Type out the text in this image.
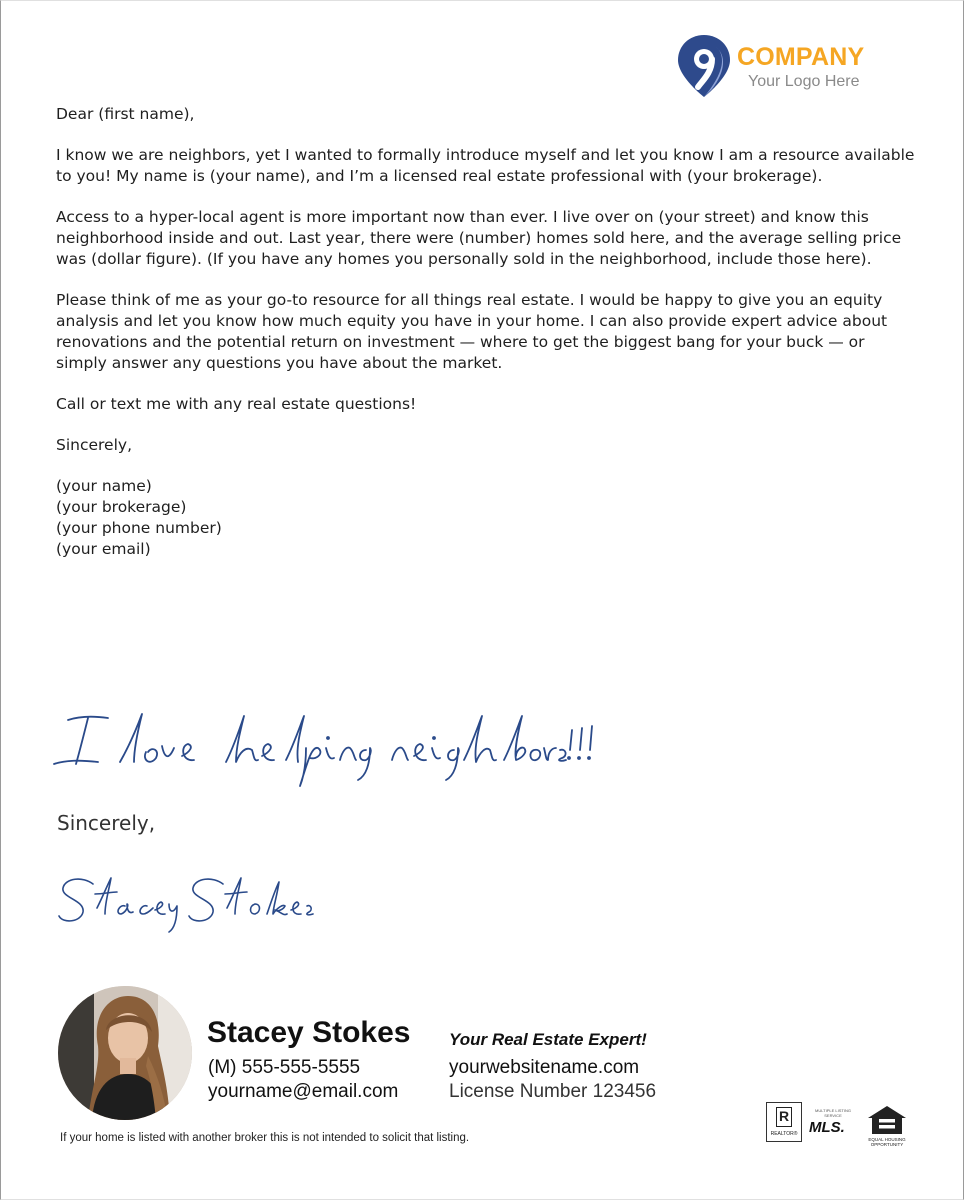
COMPANY
Your Logo Here

Dear (first name),

I know we are neighbors, yet I wanted to formally introduce myself and let you know I am a resource available to you! My name is (your name), and I’m a licensed real estate professional with (your brokerage).

Access to a hyper-local agent is more important now than ever. I live over on (your street) and know this neighborhood inside and out. Last year, there were (number) homes sold here, and the average selling price was (dollar figure). (If you have any homes you personally sold in the neighborhood, include those here).

Please think of me as your go-to resource for all things real estate. I would be happy to give you an equity analysis and let you know how much equity you have in your home. I can also provide expert advice about renovations and the potential return on investment — where to get the biggest bang for your buck — or simply answer any questions you have about the market.

Call or text me with any real estate questions!

Sincerely,

(your name)
(your brokerage)
(your phone number)
(your email)
Sincerely,
Stacey Stokes
(M) 555-555-5555
yourname@email.com
Your Real Estate Expert!
yourwebsitename.com
License Number 123456
If your home is listed with another broker this is not intended to solicit that listing.
R
REALTOR®
MULTIPLE LISTING SERVICE
MLS.
EQUAL HOUSING OPPORTUNITY
